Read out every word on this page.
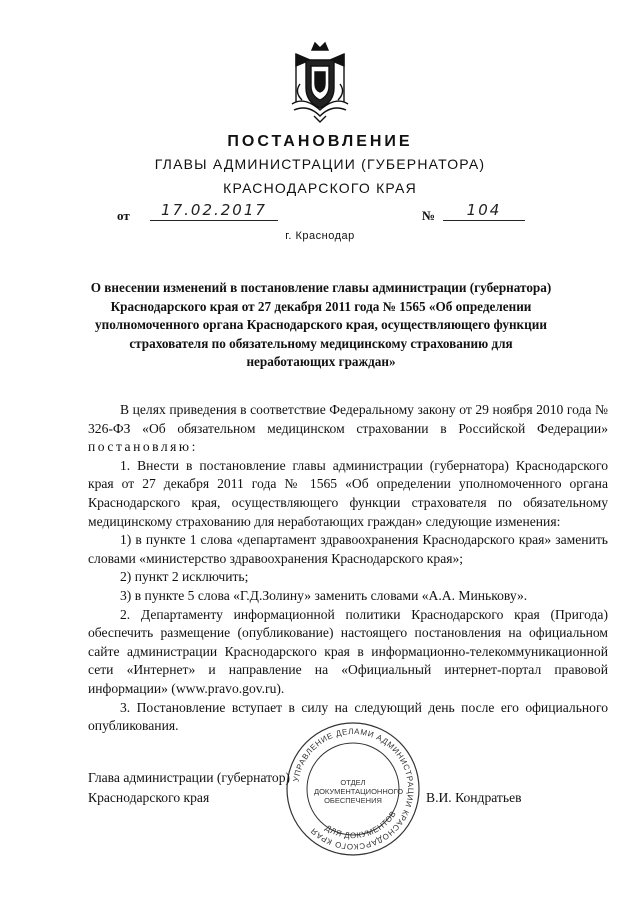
ПОСТАНОВЛЕНИЕ
ГЛАВЫ АДМИНИСТРАЦИИ (ГУБЕРНАТОРА)
КРАСНОДАРСКОГО КРАЯ
от	17.02.2017	№	104
г. Краснодар
О внесении изменений в постановление главы администрации (губернатора) Краснодарского края от 27 декабря 2011 года № 1565 «Об определении уполномоченного органа Краснодарского края, осуществляющего функции страхователя по обязательному медицинскому страхованию для неработающих граждан»

В целях приведения в соответствие Федеральному закону от 29 ноября 2010 года № 326-ФЗ «Об обязательном медицинском страховании в Российской Федерации» постановляю:

1. Внести в постановление главы администрации (губернатора) Краснодарского края от 27 декабря 2011 года № 1565 «Об определении уполномоченного органа Краснодарского края, осуществляющего функции страхователя по обязательному медицинскому страхованию для неработающих граждан» следующие изменения:

1) в пункте 1 слова «департамент здравоохранения Краснодарского края» заменить словами «министерство здравоохранения Краснодарского края»;

2) пункт 2 исключить;

3) в пункте 5 слова «Г.Д.Золину» заменить словами «А.А. Минькову».

2. Департаменту информационной политики Краснодарского края (Пригода) обеспечить размещение (опубликование) настоящего постановления на официальном сайте администрации Краснодарского края в информационно-телекоммуникационной сети «Интернет» и направление на «Официальный интернет-портал правовой информации» (www.pravo.gov.ru).

3. Постановление вступает в силу на следующий день после его официального опубликования.

УПРАВЛЕНИЕ ДЕЛАМИ АДМИНИСТРАЦИИ КРАСНОДАРСКОГО КРАЯ ДЛЯ ДОКУМЕНТОВ
ОТДЕЛ
ДОКУМЕНТАЦИОННОГО
ОБЕСПЕЧЕНИЯ
Глава администрации (губернатор)
Краснодарского края	В.И. Кондратьев
